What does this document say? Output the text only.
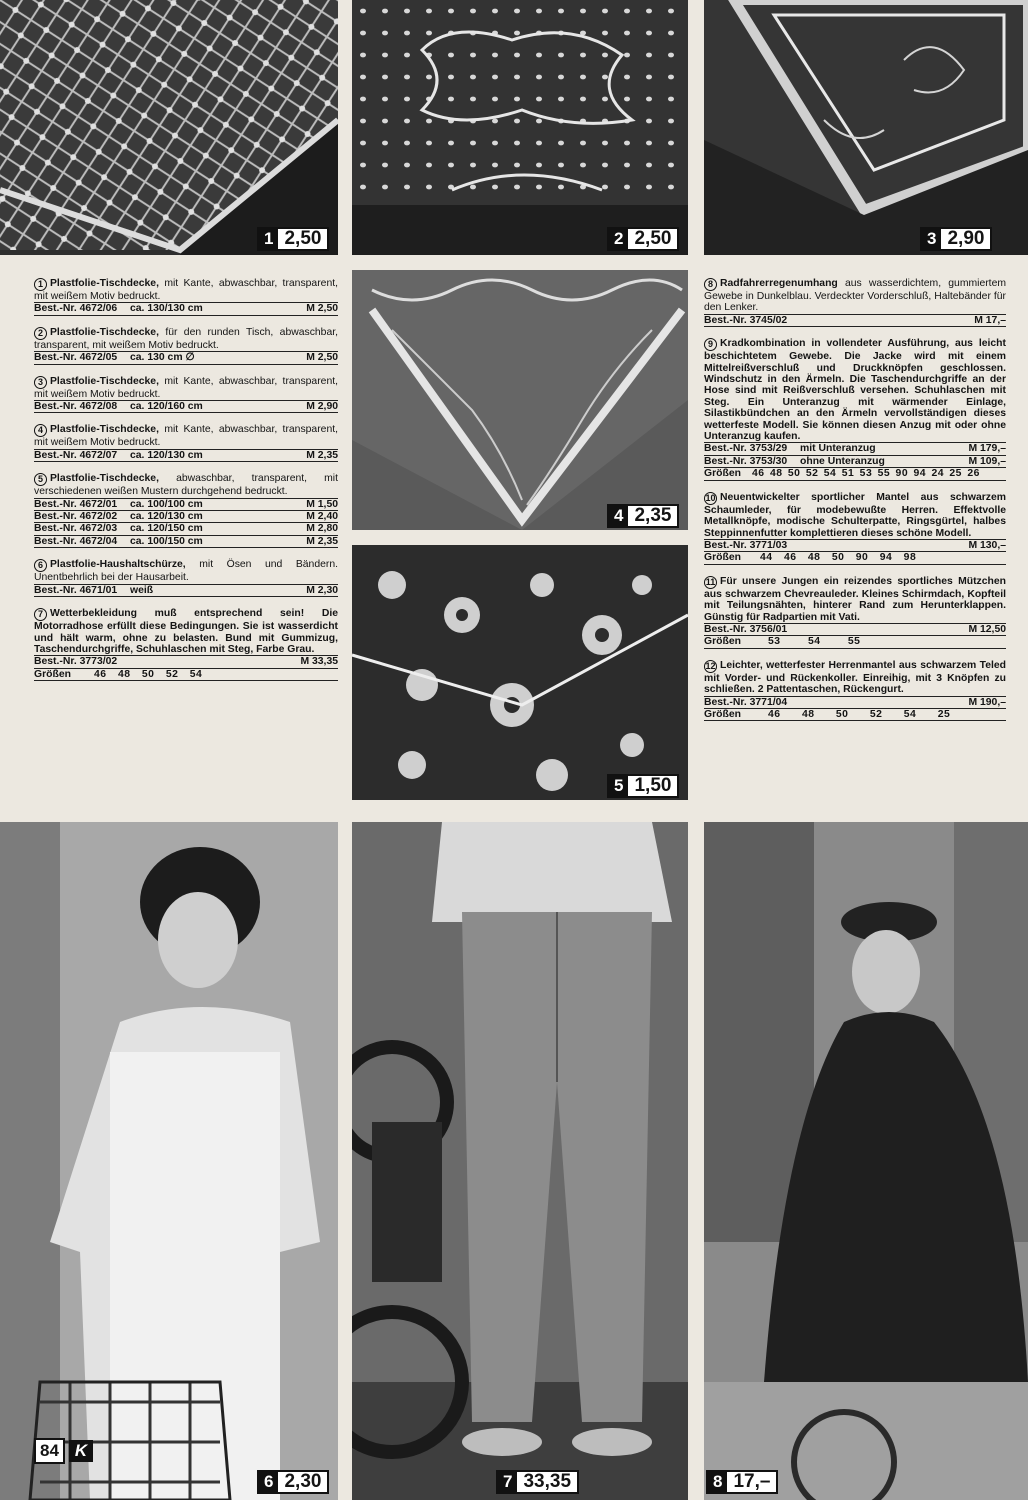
1 2,50	2 2,50	3 2,90
4 2,35
5 1,50
1 Plastfolie-Tischdecke, mit Kante, abwaschbar, transparent, mit weißem Motiv bedruckt.
Best.-Nr. 4672/06	ca. 130/130 cm	M 2,50
2 Plastfolie-Tischdecke, für den runden Tisch, abwaschbar, transparent, mit weißem Motiv bedruckt.
Best.-Nr. 4672/05	ca. 130 cm ∅	M 2,50
3 Plastfolie-Tischdecke, mit Kante, abwaschbar, transparent, mit weißem Motiv bedruckt.
Best.-Nr. 4672/08	ca. 120/160 cm	M 2,90
4 Plastfolie-Tischdecke, mit Kante, abwaschbar, transparent, mit weißem Motiv bedruckt.
Best.-Nr. 4672/07	ca. 120/130 cm	M 2,35
5 Plastfolie-Tischdecke, abwaschbar, transparent, mit verschiedenen weißen Mustern durchgehend bedruckt.
Best.-Nr. 4672/01	ca. 100/100 cm	M 1,50
Best.-Nr. 4672/02	ca. 120/130 cm	M 2,40
Best.-Nr. 4672/03	ca. 120/150 cm	M 2,80
Best.-Nr. 4672/04	ca. 100/150 cm	M 2,35
6 Plastfolie-Haushaltschürze, mit Ösen und Bändern. Unentbehrlich bei der Hausarbeit.
Best.-Nr. 4671/01	weiß	M 2,30
7 Wetterbekleidung muß entsprechend sein! Die Motorradhose erfüllt diese Bedingungen. Sie ist wasserdicht und hält warm, ohne zu belasten. Bund mit Gummizug, Taschendurchgriffe, Schuhlaschen mit Steg, Farbe Grau.
Best.-Nr. 3773/02	M 33,35
Größen	46 48 50 52 54
8 Radfahrerregenumhang aus wasserdichtem, gummiertem Gewebe in Dunkelblau. Verdeckter Vorderschluß, Haltebänder für den Lenker.
Best.-Nr. 3745/02	M 17,–
9 Kradkombination in vollendeter Ausführung, aus leicht beschichtetem Gewebe. Die Jacke wird mit einem Mittelreißverschluß und Druckknöpfen geschlossen. Windschutz in den Ärmeln. Die Taschendurchgriffe an der Hose sind mit Reißverschluß versehen. Schuhlaschen mit Steg. Ein Unteranzug mit wärmender Einlage, Silastikbündchen an den Ärmeln vervollständigen dieses wetterfeste Modell. Sie können diesen Anzug mit oder ohne Unteranzug kaufen.
Best.-Nr. 3753/29	mit Unteranzug	M 179,–
Best.-Nr. 3753/30	ohne Unteranzug	M 109,–
Größen	46 48 50 52 54 51 53 55 90 94 24 25 26
10 Neuentwickelter sportlicher Mantel aus schwarzem Schaumleder, für modebewußte Herren. Effektvolle Metallknöpfe, modische Schulterpatte, Ringsgürtel, halbes Steppinnenfutter komplettieren dieses schöne Modell.
Best.-Nr. 3771/03	M 130,–
Größen	44 46 48 50 90 94 98
11 Für unsere Jungen ein reizendes sportliches Mützchen aus schwarzem Chevreauleder. Kleines Schirmdach, Kopfteil mit Teilungsnähten, hinterer Rand zum Herunterklappen. Günstig für Radpartien mit Vati.
Best.-Nr. 3756/01	M 12,50
Größen	53 54 55
12 Leichter, wetterfester Herrenmantel aus schwarzem Teled mit Vorder- und Rückenkoller. Einreihig, mit 3 Knöpfen zu schließen. 2 Pattentaschen, Rückengurt.
Best.-Nr. 3771/04	M 190,–
Größen	46 48 50 52 54 25
6 2,30	7 33,35	8 17,–
84 K
